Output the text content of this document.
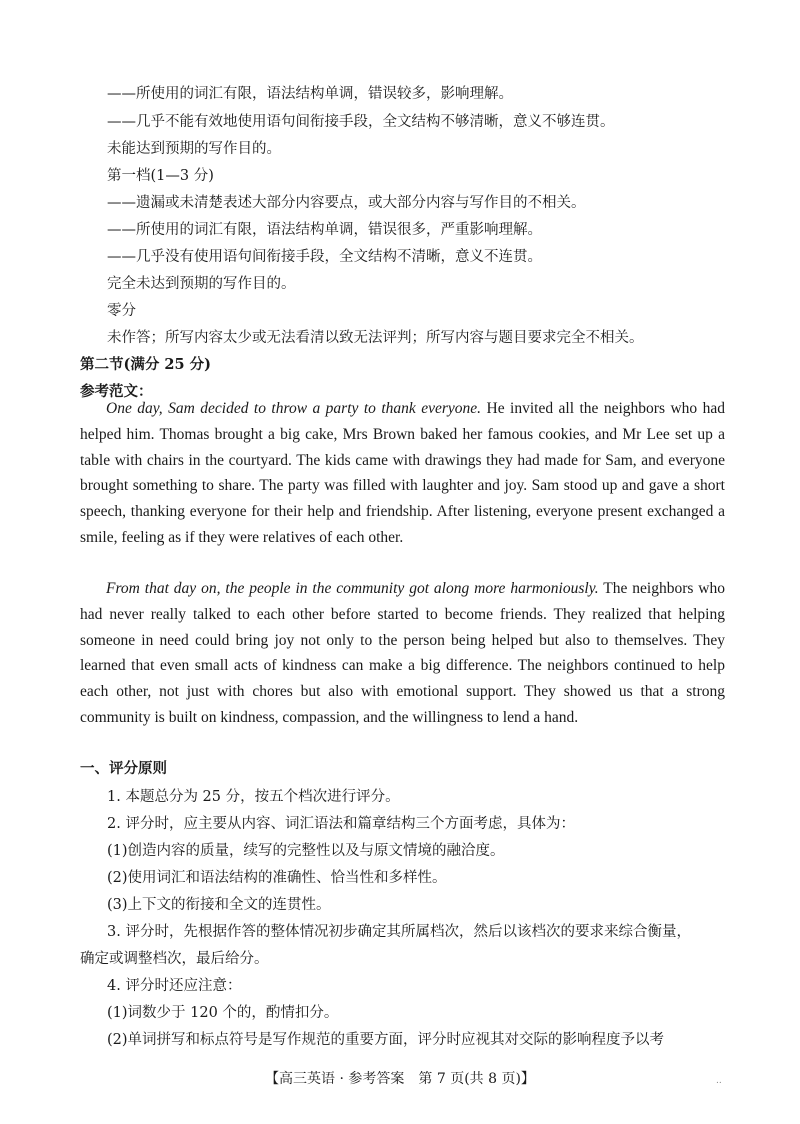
——所使用的词汇有限，语法结构单调，错误较多，影响理解。
——几乎不能有效地使用语句间衔接手段，全文结构不够清晰，意义不够连贯。
未能达到预期的写作目的。
第一档(1—3 分)
——遗漏或未清楚表述大部分内容要点，或大部分内容与写作目的不相关。
——所使用的词汇有限，语法结构单调，错误很多，严重影响理解。
——几乎没有使用语句间衔接手段，全文结构不清晰，意义不连贯。
完全未达到预期的写作目的。
零分
未作答；所写内容太少或无法看清以致无法评判；所写内容与题目要求完全不相关。
第二节(满分 25 分)
参考范文：
One day, Sam decided to throw a party to thank everyone. He invited all the neighbors who had helped him. Thomas brought a big cake, Mrs Brown baked her famous cookies, and Mr Lee set up a table with chairs in the courtyard. The kids came with drawings they had made for Sam, and everyone brought something to share. The party was filled with laughter and joy. Sam stood up and gave a short speech, thanking everyone for their help and friendship. After listening, everyone present exchanged a smile, feeling as if they were relatives of each other.
From that day on, the people in the community got along more harmoniously. The neighbors who had never really talked to each other before started to become friends. They realized that helping someone in need could bring joy not only to the person being helped but also to themselves. They learned that even small acts of kindness can make a big difference. The neighbors continued to help each other, not just with chores but also with emotional support. They showed us that a strong community is built on kindness, compassion, and the willingness to lend a hand.
一、评分原则
1. 本题总分为 25 分，按五个档次进行评分。
2. 评分时，应主要从内容、词汇语法和篇章结构三个方面考虑，具体为：
(1)创造内容的质量，续写的完整性以及与原文情境的融洽度。
(2)使用词汇和语法结构的准确性、恰当性和多样性。
(3)上下文的衔接和全文的连贯性。
3. 评分时，先根据作答的整体情况初步确定其所属档次，然后以该档次的要求来综合衡量，
确定或调整档次，最后给分。
4. 评分时还应注意：
(1)词数少于 120 个的，酌情扣分。
(2)单词拼写和标点符号是写作规范的重要方面，评分时应视其对交际的影响程度予以考
【高三英语 · 参考答案　第 7 页(共 8 页)】	..
